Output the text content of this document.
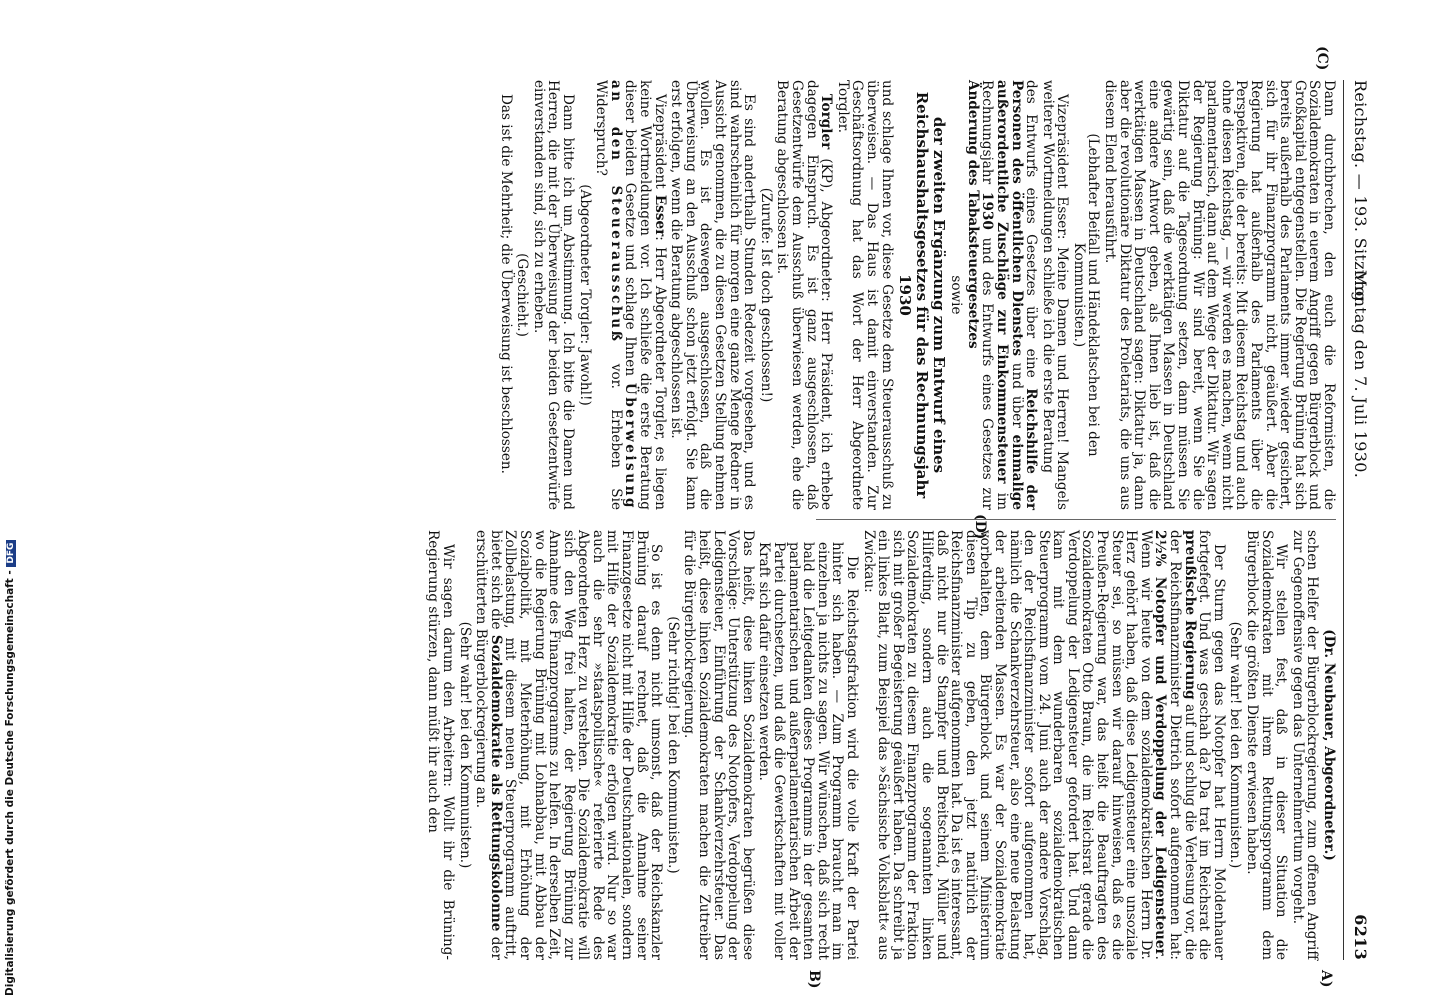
Reichstag. — 193. Sitzung.
Montag den 7. Juli 1930.
6213
(C)
(D)
A)
B)

Dann durchbrechen, den euch die Reformisten, die Sozialdemokraten in euerem Angriff gegen Bürgerblock und Großkapital entgegenstellen. Die Regierung Brüning hat sich bereits außerhalb des Parlaments immer wieder gesichert, sich für ihr Finanzprogramm nicht, geäußert. Aber die Regierung hat außerhalb des Parlaments über die Perspektiven, die der bereits: Mit diesem Reichstag und auch ohne diesen Reichstag, — wir werden es machen, wenn nicht parlamentarisch, dann auf dem Wege der Diktatur. Wir sagen der Regierung Brüning: Wir sind bereit, wenn Sie die Diktatur auf die Tagesordnung setzen, dann müssen Sie gewärtig sein, daß die werktätigen Massen in Deutschland eine andere Antwort geben, als Ihnen lieb ist, daß die werktätigen Massen in Deutschland sagen: Diktatur ja, dann aber die revolutionäre Diktatur des Proletariats, die uns aus diesem Elend herausführt.

(Lebhafter Beifall und Händeklatschen bei den Kommunisten.)

Vizepräsident Esser: Meine Damen und Herren! Mangels weiterer Wortmeldungen schließe ich die erste Beratung

des Entwurfs eines Gesetzes über eine Reichshilfe der Personen des öffentlichen Dienstes und über einmalige außerordentliche Zuschläge zur Einkommensteuer im Rechnungsjahr 1930 und des Entwurfs eines Gesetzes zur Änderung des Tabaksteuergesetzes

sowie

der zweiten Ergänzung zum Entwurf eines Reichshaushaltsgesetzes für das Rechnungsjahr 1930

und schlage Ihnen vor, diese Gesetze dem Steuerausschuß zu überweisen. — Das Haus ist damit einverstanden. Zur Geschäftsordnung hat das Wort der Herr Abgeordnete Torgler.

Torgler (KP), Abgeordneter: Herr Präsident, ich erhebe dagegen Einspruch. Es ist ganz ausgeschlossen, daß Gesetzentwürfe dem Ausschuß überwiesen werden, ehe die Beratung abgeschlossen ist.

(Zurufe: Ist doch geschlossen!)

Es sind anderthalb Stunden Redezeit vorgesehen, und es sind wahrscheinlich für morgen eine ganze Menge Redner in Aussicht genommen, die zu diesen Gesetzen Stellung nehmen wollen. Es ist deswegen ausgeschlossen, daß die Überweisung an den Ausschuß schon jetzt erfolgt. Sie kann erst erfolgen, wenn die Beratung abgeschlossen ist.

Vizepräsident Esser: Herr Abgeordneter Torgler, es liegen keine Wortmeldungen vor. Ich schließe die erste Beratung dieser beiden Gesetze und schlage Ihnen Überweisung an den Steuerausschuß vor. Erheben Sie Widerspruch?

(Abgeordneter Torgler: Jawohl!)

Dann bitte ich um Abstimmung. Ich bitte die Damen und Herren, die mit der Überweisung der beiden Gesetzentwürfe einverstanden sind, sich zu erheben.

(Geschieht.)

Das ist die Mehrheit; die Überweisung ist beschlossen.

(Dr. Neubauer, Abgeordneter.)

schen Helfer der Bürgerblockregierung, zum offenen Angriff zur Gegenoffensive gegen das Unternehmertum vorgeht.

Wir stellen fest, daß in dieser Situation die Sozialdemokraten mit ihrem Rettungsprogramm dem Bürgerblock die größten Dienste erwiesen haben.

(Sehr wahr! bei den Kommunisten.)

Der Sturm gegen das Notopfer hat Herrn Moldenhauer fortgefegt. Und was geschah da? Da trat im Reichsrat die preußische Regierung auf und schlug die Verlesung vor, die der Reichsfinanzminister Dietrich sofort aufgenommen hat: 2½% Notopfer und Verdoppelung der Ledigensteuer. Wenn wir heute von dem sozialdemokratischen Herrn Dr. Herz gehört haben, daß diese Ledigensteuer eine unsoziale Steuer sei, so müssen wir darauf hinweisen, daß es die Preußen-Regierung war, das heißt die Beauftragten des Sozialdemokraten Otto Braun, die im Reichsrat gerade die Verdoppelung der Ledigensteuer gefordert hat. Und dann kam mit dem wunderbaren sozialdemokratischen Steuerprogramm vom 24. Juni auch der andere Vorschlag, den der Reichsfinanzminister sofort aufgenommen hat, nämlich die Schankverzehrsteuer, also eine neue Belastung der arbeitenden Massen. Es war der Sozialdemokratie vorbehalten, dem Bürgerblock und seinem Ministerium diesen Tip zu geben, den jetzt natürlich der Reichsfinanzminister aufgenommen hat. Da ist es interessant, daß nicht nur die Stampfer und Breitscheid, Müller und Hilferding, sondern auch die sogenannten linken Sozialdemokraten zu diesem Finanzprogramm der Fraktion sich mit großer Begeisterung geäußert haben. Da schreibt ja ein linkes Blatt, zum Beispiel das »Sächsische Volksblatt« aus Zwickau:

Die Reichstagsfraktion wird die volle Kraft der Partei hinter sich haben. — Zum Programm braucht man im einzelnen ja nichts zu sagen. Wir wünschen, daß sich recht bald die Leitgedanken dieses Programms in der gesamten parlamentarischen und außerparlamentarischen Arbeit der Partei durchsetzen, und daß die Gewerkschaften mit voller Kraft sich dafür einsetzen werden.

Das heißt, diese linken Sozialdemokraten begrüßen diese Vorschläge: Unterstützung des Notopfers, Verdoppelung der Ledigensteuer, Einführung der Schankverzehrsteuer. Das heißt, diese linken Sozialdemokraten machen die Zutreiber für die Bürgerblockregierung.

(Sehr richtig! bei den Kommunisten.)

So ist es denn nicht umsonst, daß der Reichskanzler Brüning darauf rechnet, daß die Annahme seiner Finanzgesetze nicht mit Hilfe der Deutschnationalen, sondern mit Hilfe der Sozialdemokratie erfolgen wird. Nur so war auch die sehr »staatspolitische« referierte Rede des Abgeordneten Herz zu verstehen. Die Sozialdemokratie will sich den Weg frei halten, der Regierung Brüning zur Annahme des Finanzprogramms zu helfen. In derselben Zeit, wo die Regierung Brüning mit Lohnabbau, mit Abbau der Sozialpolitik, mit Mieterhöhung, mit Erhöhung der Zollbelastung, mit diesem neuen Steuerprogramm auftritt, bietet sich die Sozialdemokratie als Rettungskolonne der erschütterten Bürgerblockregierung an.

(Sehr wahr! bei den Kommunisten.)

Wir sagen darum den Arbeitern: Wollt ihr die Brüning-Regierung stürzen, dann müßt ihr auch den

Digitalisierung gefördert durch die Deutsche Forschungsgemeinschaft - DFG
